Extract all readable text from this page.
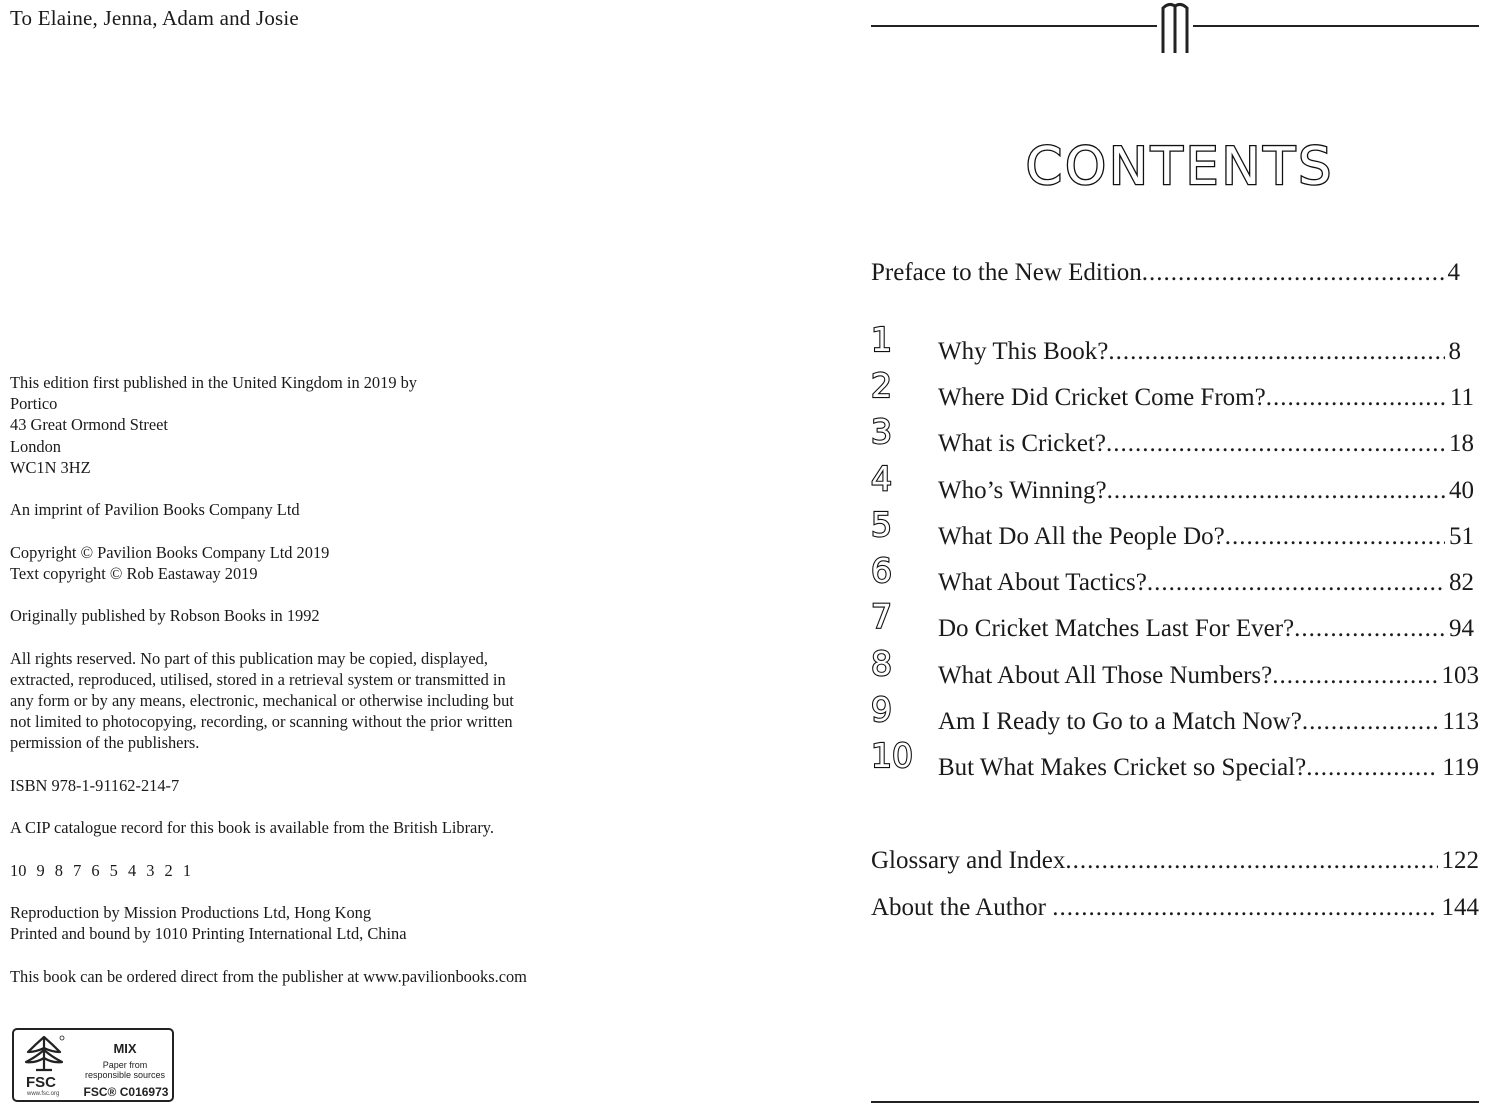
To Elaine, Jenna, Adam and Josie
This edition first published in the United Kingdom in 2019 by
Portico
43 Great Ormond Street
London
WC1N 3HZ
An imprint of Pavilion Books Company Ltd
Copyright © Pavilion Books Company Ltd 2019
Text copyright © Rob Eastaway 2019
Originally published by Robson Books in 1992
All rights reserved. No part of this publication may be copied, displayed,
extracted, reproduced, utilised, stored in a retrieval system or transmitted in
any form or by any means, electronic, mechanical or otherwise including but
not limited to photocopying, recording, or scanning without the prior written
permission of the publishers.
ISBN 978-1-91162-214-7
A CIP catalogue record for this book is available from the British Library.
10 9 8 7 6 5 4 3 2 1
Reproduction by Mission Productions Ltd, Hong Kong
Printed and bound by 1010 Printing International Ltd, China
This book can be ordered direct from the publisher at www.pavilionbooks.com
FSC
www.fsc.org
MIX
Paper from
responsible sources
FSC® C016973
CONTENTS
Preface to the New Edition .....	4
1 Why This Book? .....	8
2 Where Did Cricket Come From? .....	11
3 What is Cricket? .....	18
4 Who’s Winning? .....	40
5 What Do All the People Do? .....	51
6 What About Tactics? .....	82
7 Do Cricket Matches Last For Ever? .....	94
8 What About All Those Numbers? .....	103
9 Am I Ready to Go to a Match Now? .....	113
10 But What Makes Cricket so Special? .....	119
Glossary and Index .....	122
About the Author .....	144
